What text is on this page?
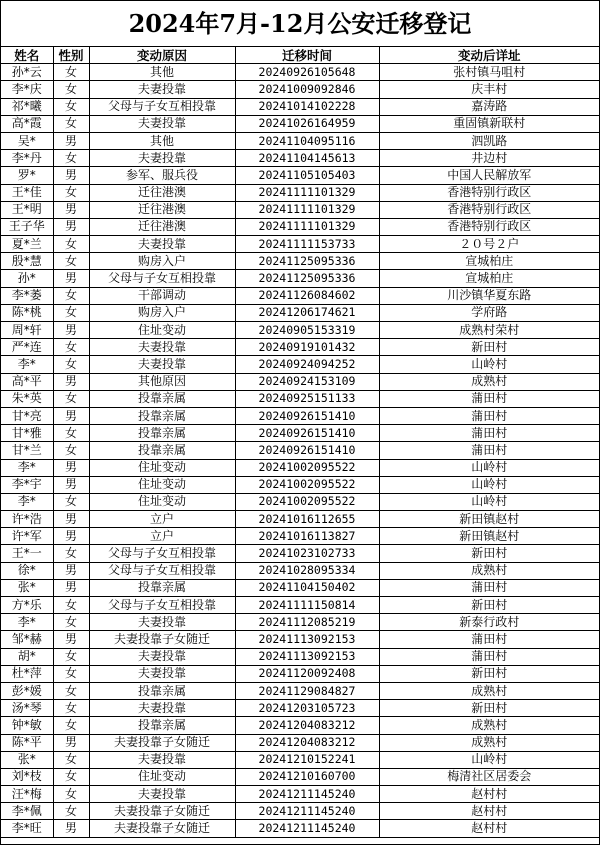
2024年7月-12月公安迁移登记
姓名	性别	变动原因	迁移时间	变动后详址
孙*云	女	其他	20240926105648	张村镇马咀村
李*庆	女	夫妻投靠	20241009092846	庆丰村
祁*曦	女	父母与子女互相投靠	20241014102228	嘉涛路
高*霞	女	夫妻投靠	20241026164959	重固镇新联村
吴*	男	其他	20241104095116	泗凯路
李*丹	女	夫妻投靠	20241104145613	井边村
罗*	男	参军、服兵役	20241105105403	中国人民解放军
王*佳	女	迁往港澳	20241111101329	香港特别行政区
王*明	男	迁往港澳	20241111101329	香港特别行政区
王子华	男	迁往港澳	20241111101329	香港特别行政区
夏*兰	女	夫妻投靠	20241111153733	２０号２户
殷*慧	女	购房入户	20241125095336	宣城柏庄
孙*	男	父母与子女互相投靠	20241125095336	宣城柏庄
李*萎	女	干部调动	20241126084602	川沙镇华夏东路
陈*桃	女	购房入户	20241206174621	学府路
周*轩	男	住址变动	20240905153319	成熟村荣村
严*连	女	夫妻投靠	20240919101432	新田村
李*	女	夫妻投靠	20240924094252	山岭村
高*平	男	其他原因	20240924153109	成熟村
朱*英	女	投靠亲属	20240925151133	蒲田村
甘*亮	男	投靠亲属	20240926151410	蒲田村
甘*雅	女	投靠亲属	20240926151410	蒲田村
甘*兰	女	投靠亲属	20240926151410	蒲田村
李*	男	住址变动	20241002095522	山岭村
李*宇	男	住址变动	20241002095522	山岭村
李*	女	住址变动	20241002095522	山岭村
许*浩	男	立户	20241016112655	新田镇赵村
许*军	男	立户	20241016113827	新田镇赵村
王*一	女	父母与子女互相投靠	20241023102733	新田村
徐*	男	父母与子女互相投靠	20241028095334	成熟村
张*	男	投靠亲属	20241104150402	蒲田村
方*乐	女	父母与子女互相投靠	20241111150814	新田村
李*	女	夫妻投靠	20241112085219	新泰行政村
邹*赫	男	夫妻投靠子女随迁	20241113092153	蒲田村
胡*	女	夫妻投靠	20241113092153	蒲田村
杜*萍	女	夫妻投靠	20241120092408	新田村
彭*媛	女	投靠亲属	20241129084827	成熟村
汤*琴	女	夫妻投靠	20241203105723	新田村
钟*敏	女	投靠亲属	20241204083212	成熟村
陈*平	男	夫妻投靠子女随迁	20241204083212	成熟村
张*	女	夫妻投靠	20241210152241	山岭村
刘*枝	女	住址变动	20241210160700	梅清社区居委会
汪*梅	女	夫妻投靠	20241211145240	赵村村
李*佩	女	夫妻投靠子女随迁	20241211145240	赵村村
李*旺	男	夫妻投靠子女随迁	20241211145240	赵村村
